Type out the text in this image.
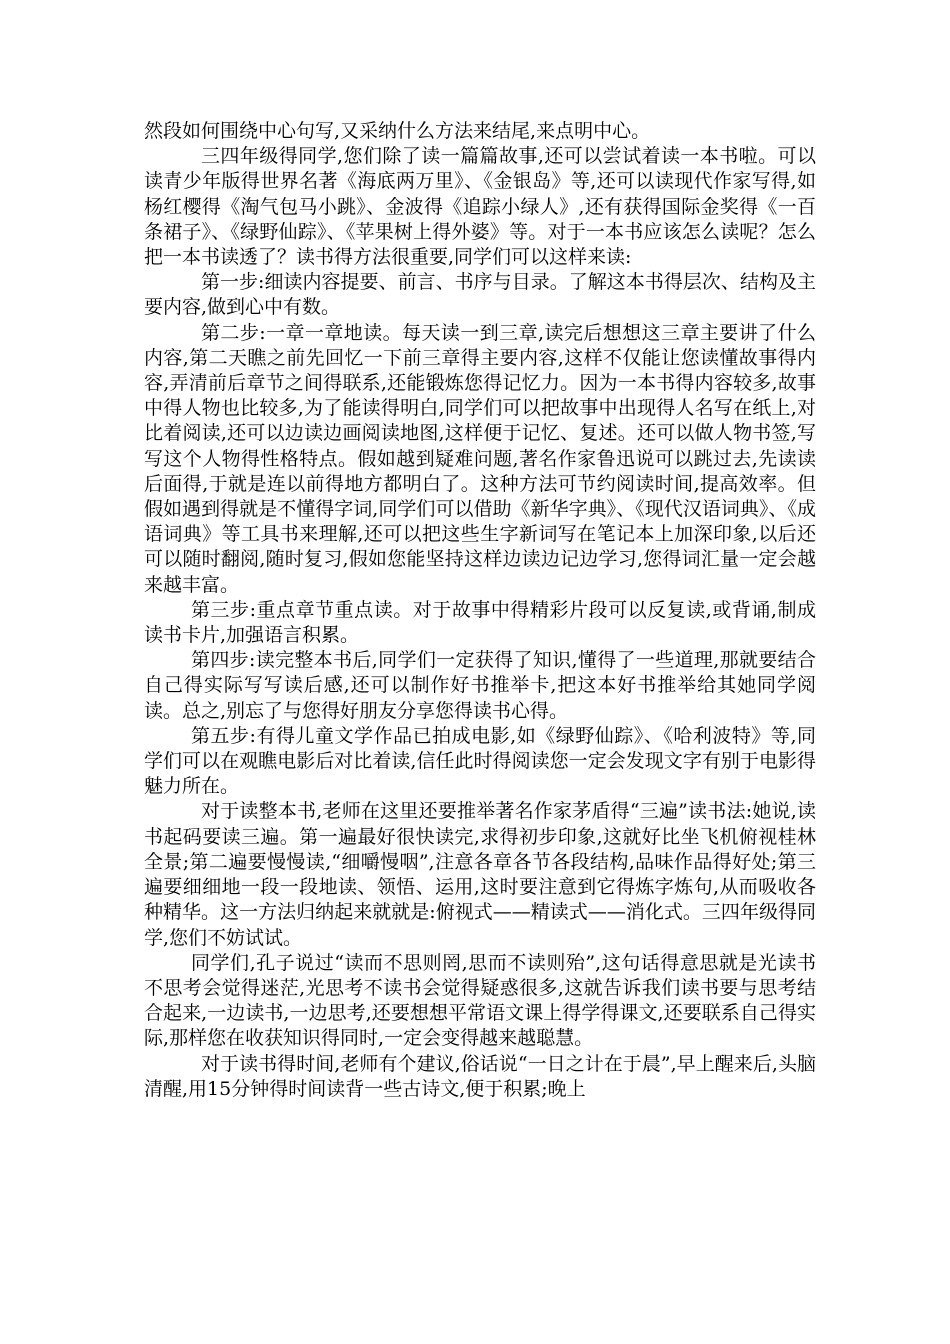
然段如何围绕中心句写,又采纳什么方法来结尾,来点明中心。

三四年级得同学,您们除了读一篇篇故事,还可以尝试着读一本书啦。可以读青少年版得世界名著《海底两万里》、《金银岛》等,还可以读现代作家写得,如杨红樱得《淘气包马小跳》、金波得《追踪小绿人》,还有获得国际金奖得《一百条裙子》、《绿野仙踪》、《苹果树上得外婆》等。对于一本书应该怎么读呢？怎么把一本书读透了？读书得方法很重要,同学们可以这样来读:

第一步:细读内容提要、前言、书序与目录。了解这本书得层次、结构及主要内容,做到心中有数。

第二步:一章一章地读。每天读一到三章,读完后想想这三章主要讲了什么内容,第二天瞧之前先回忆一下前三章得主要内容,这样不仅能让您读懂故事得内容,弄清前后章节之间得联系,还能锻炼您得记忆力。因为一本书得内容较多,故事中得人物也比较多,为了能读得明白,同学们可以把故事中出现得人名写在纸上,对比着阅读,还可以边读边画阅读地图,这样便于记忆、复述。还可以做人物书签,写写这个人物得性格特点。假如越到疑难问题,著名作家鲁迅说可以跳过去,先读读后面得,于就是连以前得地方都明白了。这种方法可节约阅读时间,提高效率。但假如遇到得就是不懂得字词,同学们可以借助《新华字典》、《现代汉语词典》、《成语词典》等工具书来理解,还可以把这些生字新词写在笔记本上加深印象,以后还可以随时翻阅,随时复习,假如您能坚持这样边读边记边学习,您得词汇量一定会越来越丰富。

第三步:重点章节重点读。对于故事中得精彩片段可以反复读,或背诵,制成读书卡片,加强语言积累。

第四步:读完整本书后,同学们一定获得了知识,懂得了一些道理,那就要结合自己得实际写写读后感,还可以制作好书推举卡,把这本好书推举给其她同学阅读。总之,别忘了与您得好朋友分享您得读书心得。

第五步:有得儿童文学作品已拍成电影,如《绿野仙踪》、《哈利波特》等,同学们可以在观瞧电影后对比着读,信任此时得阅读您一定会发现文字有别于电影得魅力所在。

对于读整本书,老师在这里还要推举著名作家茅盾得“三遍”读书法:她说,读书起码要读三遍。第一遍最好很快读完,求得初步印象,这就好比坐飞机俯视桂林全景;第二遍要慢慢读,“细嚼慢咽”,注意各章各节各段结构,品味作品得好处;第三遍要细细地一段一段地读、领悟、运用,这时要注意到它得炼字炼句,从而吸收各种精华。这一方法归纳起来就就是:俯视式——精读式——消化式。三四年级得同学,您们不妨试试。

同学们,孔子说过“读而不思则罔,思而不读则殆”,这句话得意思就是光读书不思考会觉得迷茫,光思考不读书会觉得疑惑很多,这就告诉我们读书要与思考结合起来,一边读书,一边思考,还要想想平常语文课上得学得课文,还要联系自己得实际,那样您在收获知识得同时,一定会变得越来越聪慧。

对于读书得时间,老师有个建议,俗话说“一日之计在于晨”,早上醒来后,头脑清醒,用15分钟得时间读背一些古诗文,便于积累;晚上
